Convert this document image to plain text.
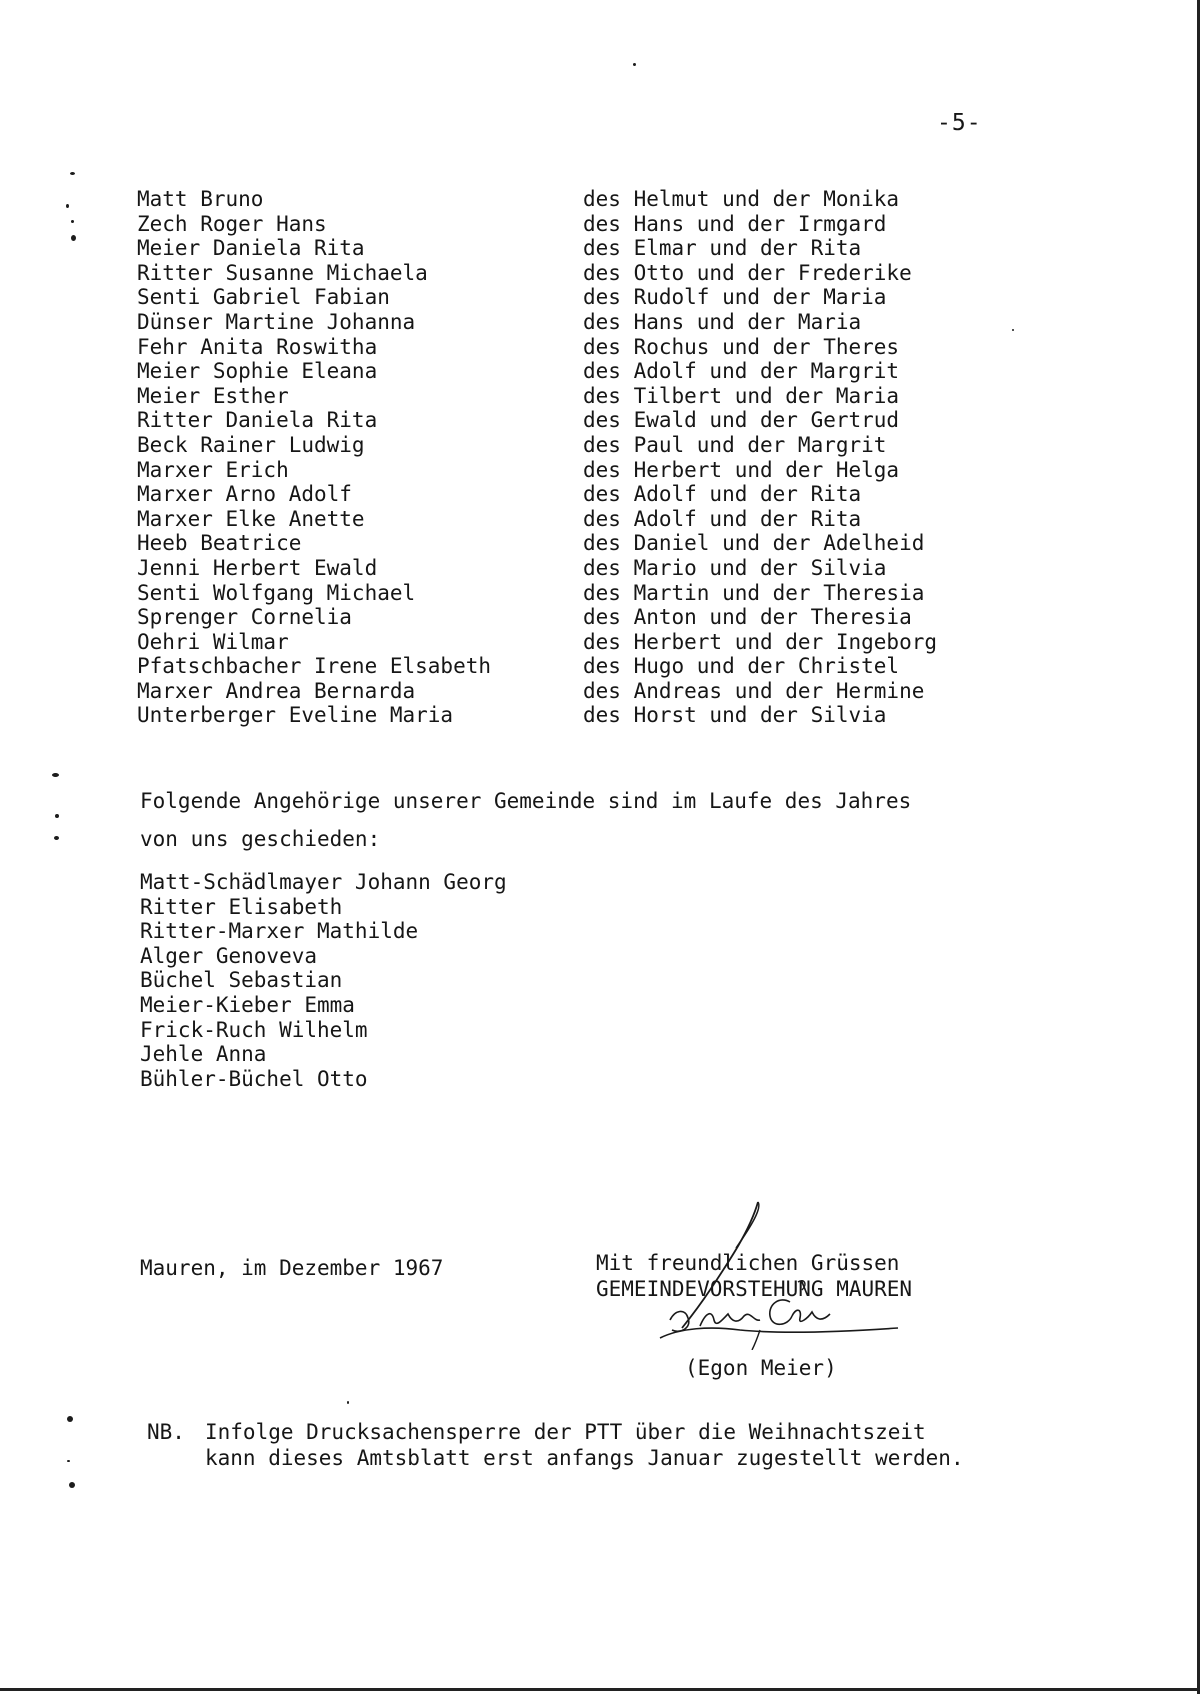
-5-
Matt Bruno	des Helmut und der Monika
Zech Roger Hans	des Hans und der Irmgard
Meier Daniela Rita	des Elmar und der Rita
Ritter Susanne Michaela	des Otto und der Frederike
Senti Gabriel Fabian	des Rudolf und der Maria
Dünser Martine Johanna	des Hans und der Maria
Fehr Anita Roswitha	des Rochus und der Theres
Meier Sophie Eleana	des Adolf und der Margrit
Meier Esther	des Tilbert und der Maria
Ritter Daniela Rita	des Ewald und der Gertrud
Beck Rainer Ludwig	des Paul und der Margrit
Marxer Erich	des Herbert und der Helga
Marxer Arno Adolf	des Adolf und der Rita
Marxer Elke Anette	des Adolf und der Rita
Heeb Beatrice	des Daniel und der Adelheid
Jenni Herbert Ewald	des Mario und der Silvia
Senti Wolfgang Michael	des Martin und der Theresia
Sprenger Cornelia	des Anton und der Theresia
Oehri Wilmar	des Herbert und der Ingeborg
Pfatschbacher Irene Elsabeth	des Hugo und der Christel
Marxer Andrea Bernarda	des Andreas und der Hermine
Unterberger Eveline Maria	des Horst und der Silvia
Folgende Angehörige unserer Gemeinde sind im Laufe des Jahres
von uns geschieden:
Matt-Schädlmayer Johann Georg
Ritter Elisabeth
Ritter-Marxer Mathilde
Alger Genoveva
Büchel Sebastian
Meier-Kieber Emma
Frick-Ruch Wilhelm
Jehle Anna
Bühler-Büchel Otto
Mauren, im Dezember 1967	Mit freundlichen Grüssen
GEMEINDEVORSTEHUNG MAUREN
(Egon Meier)
NB. Infolge Drucksachensperre der PTT über die Weihnachtszeit
kann dieses Amtsblatt erst anfangs Januar zugestellt werden.
